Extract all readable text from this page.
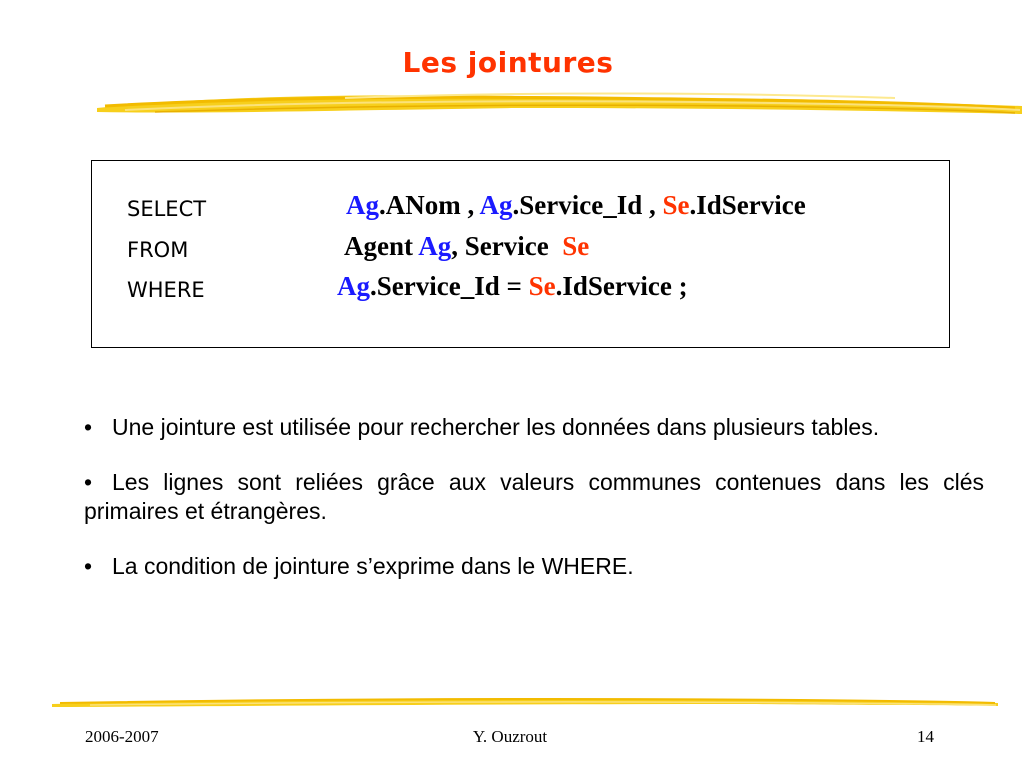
Les jointures
SELECT	Ag.ANom , Ag.Service_Id , Se.IdService
FROM	Agent Ag, Service  Se
WHERE	Ag.Service_Id = Se.IdService ;

• Une jointure est utilisée pour rechercher les données dans plusieurs tables.

• Les lignes sont reliées grâce aux valeurs communes contenues dans les clés primaires et étrangères.

• La condition de jointure s’exprime dans le WHERE.

2006-2007	Y. Ouzrout	14
